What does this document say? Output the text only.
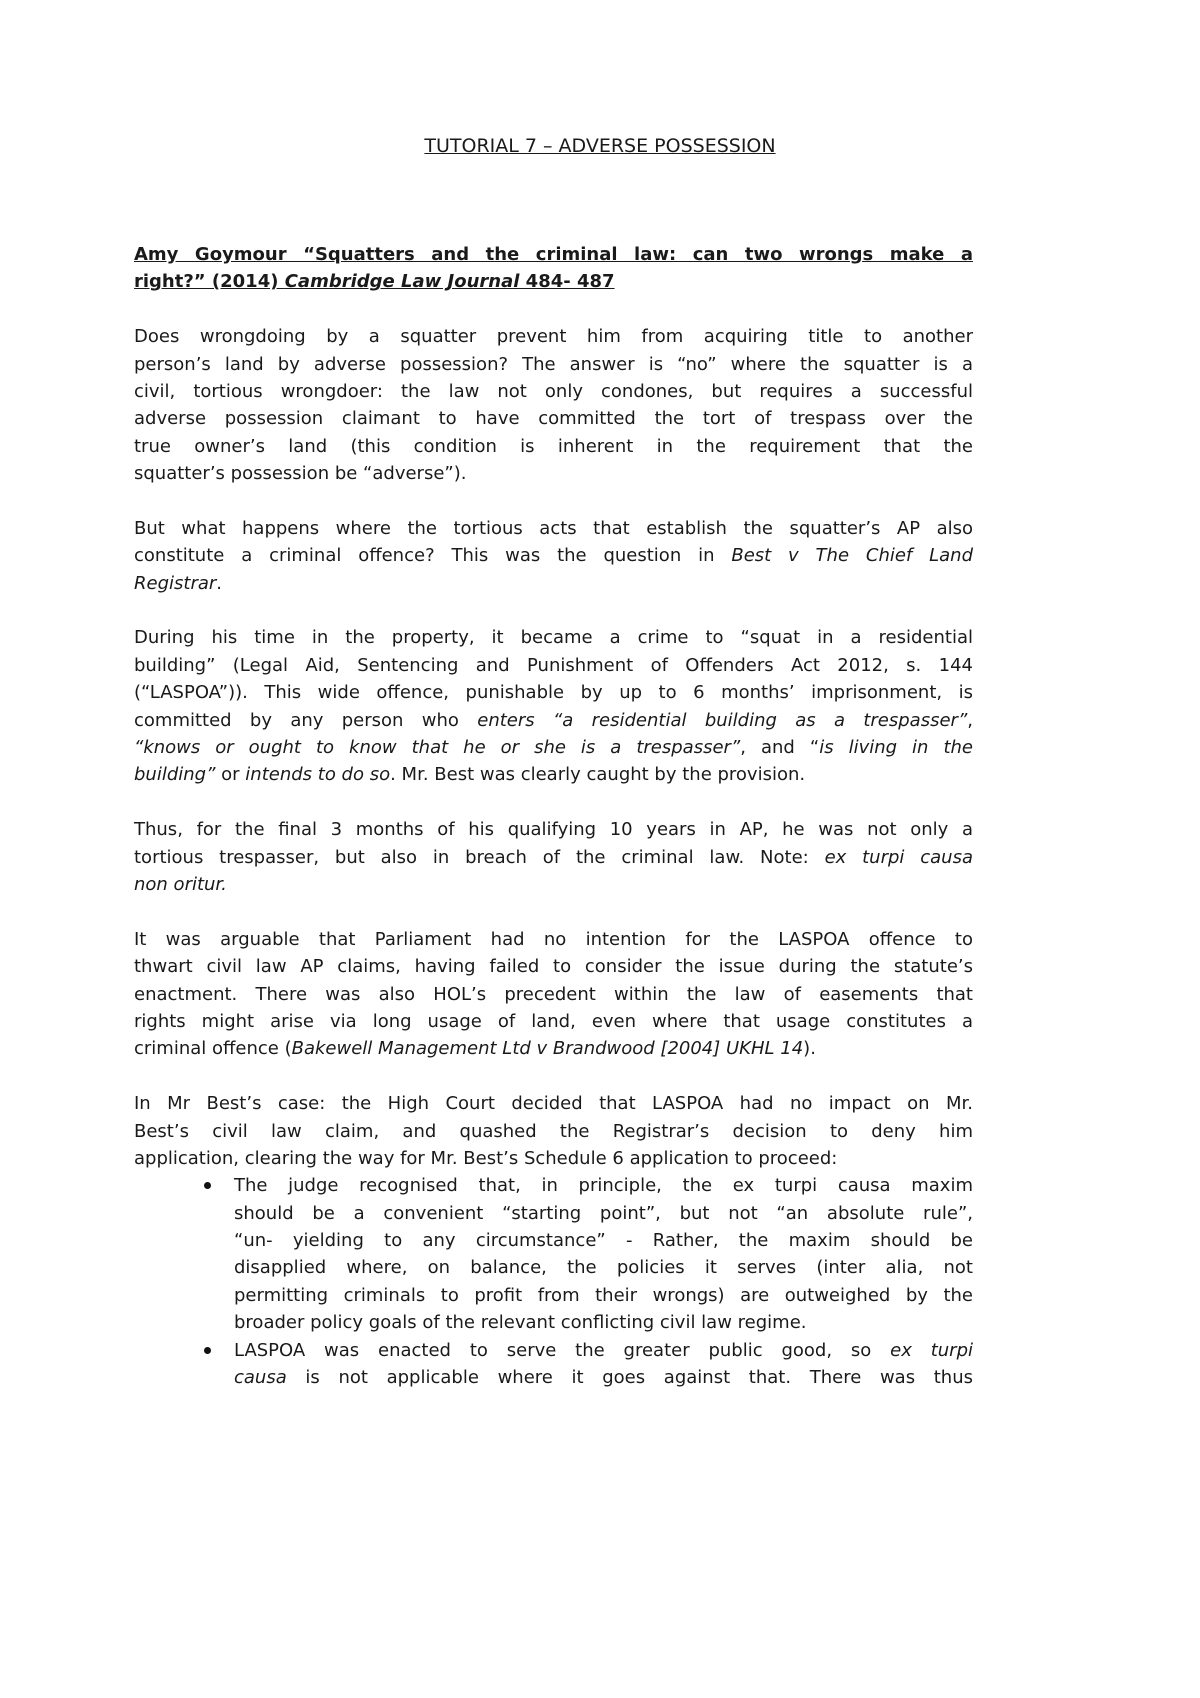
TUTORIAL 7 – ADVERSE POSSESSION
Amy Goymour “Squatters and the criminal law: can two wrongs make a
right?” (2014) Cambridge Law Journal 484- 487
Does wrongdoing by a squatter prevent him from acquiring title to another
person’s land by adverse possession? The answer is “no” where the squatter is a
civil, tortious wrongdoer: the law not only condones, but requires a successful
adverse possession claimant to have committed the tort of trespass over the
true owner’s land (this condition is inherent in the requirement that the
squatter’s possession be “adverse”).
But what happens where the tortious acts that establish the squatter’s AP also
constitute a criminal offence? This was the question in Best v The Chief Land
Registrar.
During his time in the property, it became a crime to “squat in a residential
building” (Legal Aid, Sentencing and Punishment of Offenders Act 2012, s. 144
(“LASPOA”)). This wide offence, punishable by up to 6 months’ imprisonment, is
committed by any person who enters “a residential building as a trespasser”,
“knows or ought to know that he or she is a trespasser”, and “is living in the
building” or intends to do so. Mr. Best was clearly caught by the provision.
Thus, for the final 3 months of his qualifying 10 years in AP, he was not only a
tortious trespasser, but also in breach of the criminal law. Note: ex turpi causa
non oritur.
It was arguable that Parliament had no intention for the LASPOA offence to
thwart civil law AP claims, having failed to consider the issue during the statute’s
enactment. There was also HOL’s precedent within the law of easements that
rights might arise via long usage of land, even where that usage constitutes a
criminal offence (Bakewell Management Ltd v Brandwood [2004] UKHL 14).
In Mr Best’s case: the High Court decided that LASPOA had no impact on Mr.
Best’s civil law claim, and quashed the Registrar’s decision to deny him
application, clearing the way for Mr. Best’s Schedule 6 application to proceed:
The judge recognised that, in principle, the ex turpi causa maxim
should be a convenient “starting point”, but not “an absolute rule”,
“un- yielding to any circumstance” - Rather, the maxim should be
disapplied where, on balance, the policies it serves (inter alia, not
permitting criminals to profit from their wrongs) are outweighed by the
broader policy goals of the relevant conflicting civil law regime.
LASPOA was enacted to serve the greater public good, so ex turpi
causa is not applicable where it goes against that. There was thus
